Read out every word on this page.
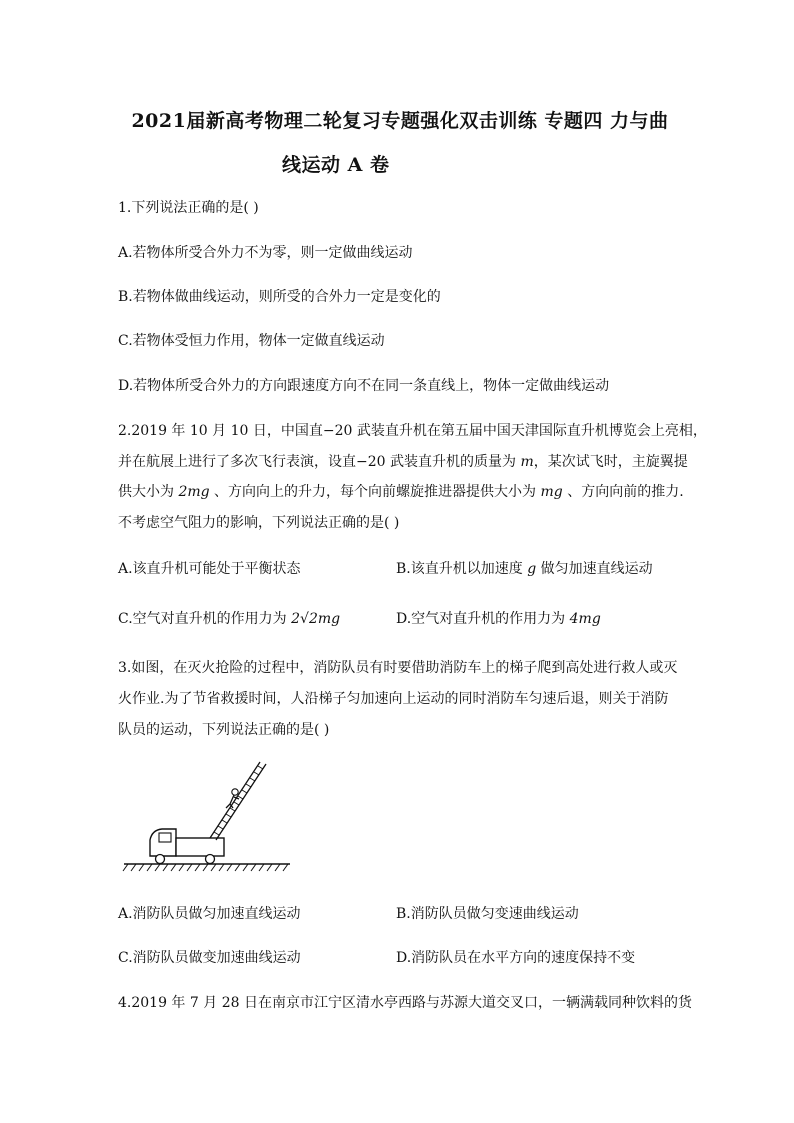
2021届新高考物理二轮复习专题强化双击训练 专题四 力与曲
线运动 A 卷
1.下列说法正确的是( )
A.若物体所受合外力不为零，则一定做曲线运动
B.若物体做曲线运动，则所受的合外力一定是变化的
C.若物体受恒力作用，物体一定做直线运动
D.若物体所受合外力的方向跟速度方向不在同一条直线上，物体一定做曲线运动
2.2019 年 10 月 10 日，中国直−20 武装直升机在第五届中国天津国际直升机博览会上亮相，
并在航展上进行了多次飞行表演，设直−20 武装直升机的质量为 m，某次试飞时，主旋翼提
供大小为 2mg 、方向向上的升力，每个向前螺旋推进器提供大小为 mg 、方向向前的推力.
不考虑空气阻力的影响，下列说法正确的是( )
A.该直升机可能处于平衡状态	B.该直升机以加速度 g 做匀加速直线运动
C.空气对直升机的作用力为 2√2mg	D.空气对直升机的作用力为 4mg
3.如图，在灭火抢险的过程中，消防队员有时要借助消防车上的梯子爬到高处进行救人或灭
火作业.为了节省救援时间，人沿梯子匀加速向上运动的同时消防车匀速后退，则关于消防
队员的运动，下列说法正确的是( )
A.消防队员做匀加速直线运动	B.消防队员做匀变速曲线运动
C.消防队员做变加速曲线运动	D.消防队员在水平方向的速度保持不变
4.2019 年 7 月 28 日在南京市江宁区清水亭西路与苏源大道交叉口，一辆满载同种饮料的货
